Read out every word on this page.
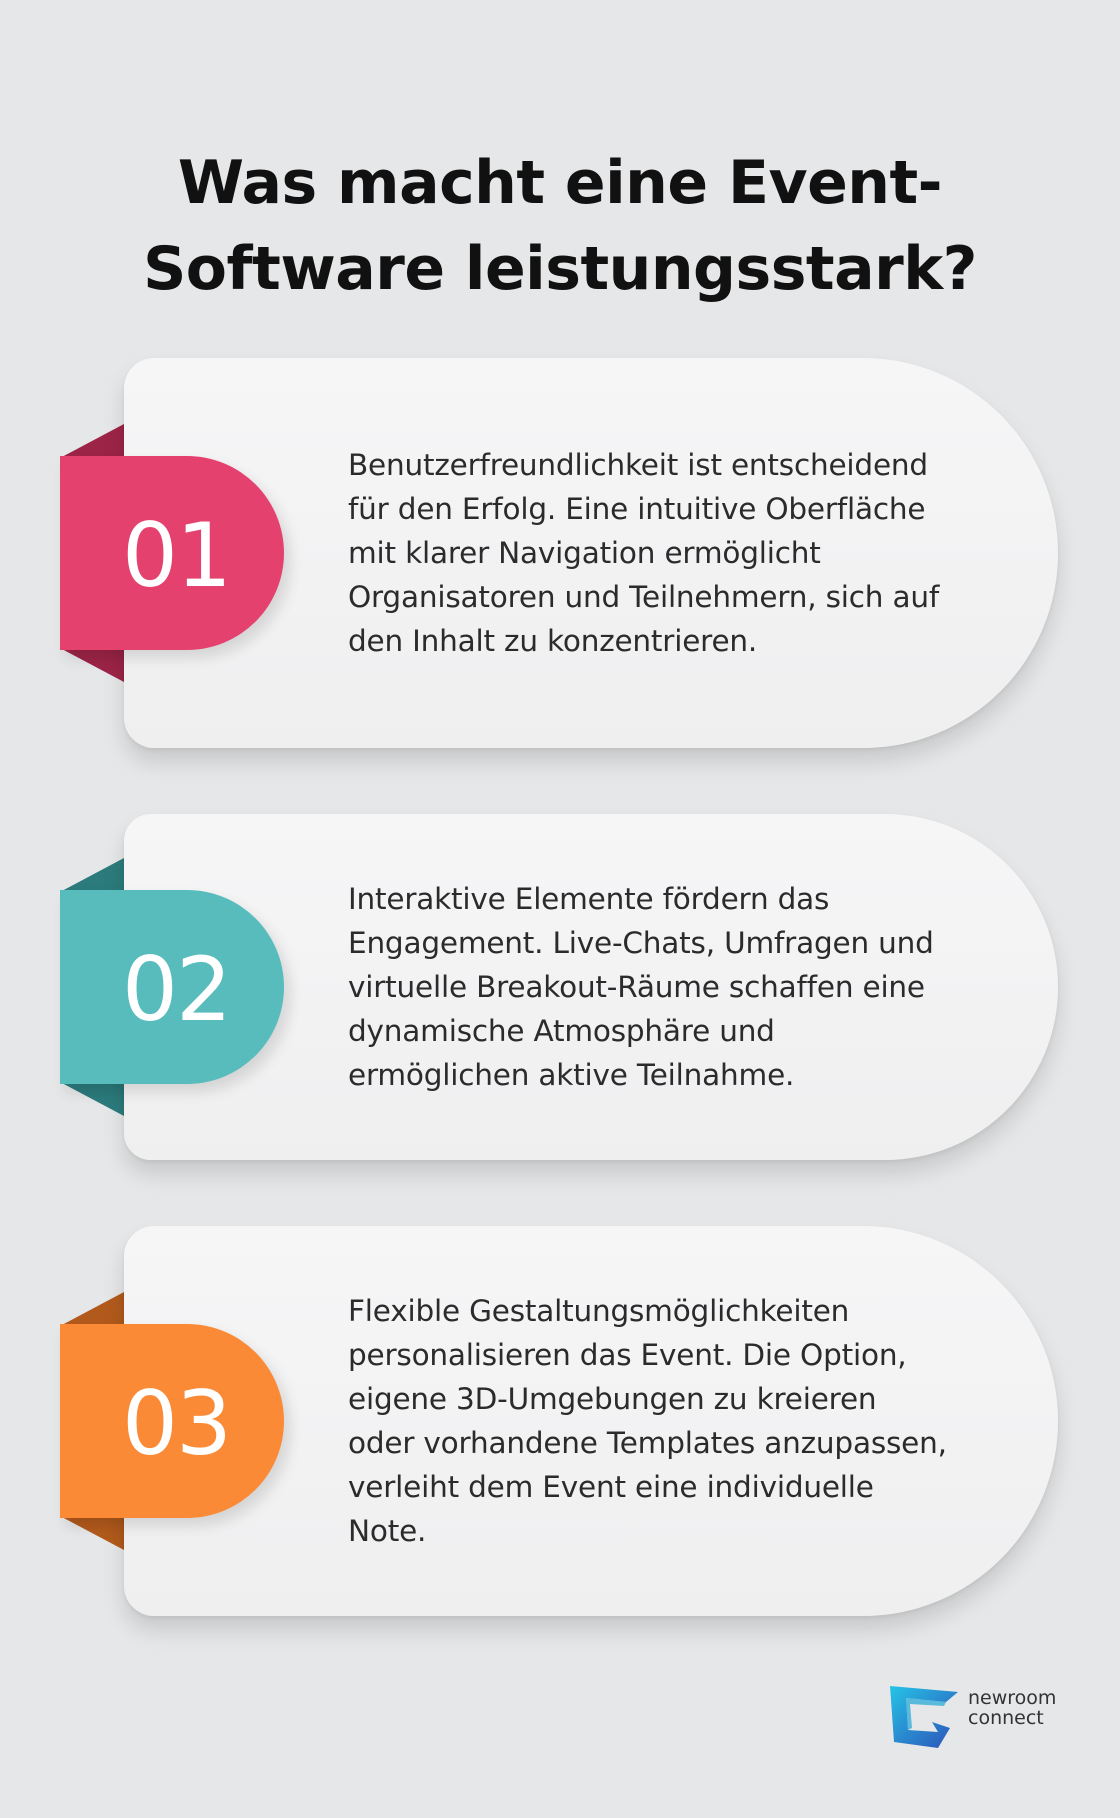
Was macht eine Event-
Software leistungsstark?
Benutzerfreundlichkeit ist entscheidend für den Erfolg. Eine intuitive Oberfläche mit klarer Navigation ermöglicht Organisatoren und Teilnehmern, sich auf den Inhalt zu konzentrieren.
01
Interaktive Elemente fördern das Engagement. Live-Chats, Umfragen und virtuelle Breakout-Räume schaffen eine dynamische Atmosphäre und ermöglichen aktive Teilnahme.
02
Flexible Gestaltungsmöglichkeiten personalisieren das Event. Die Option, eigene 3D-Umgebungen zu kreieren oder vorhandene Templates anzupassen, verleiht dem Event eine individuelle Note.
03
newroom
connect
